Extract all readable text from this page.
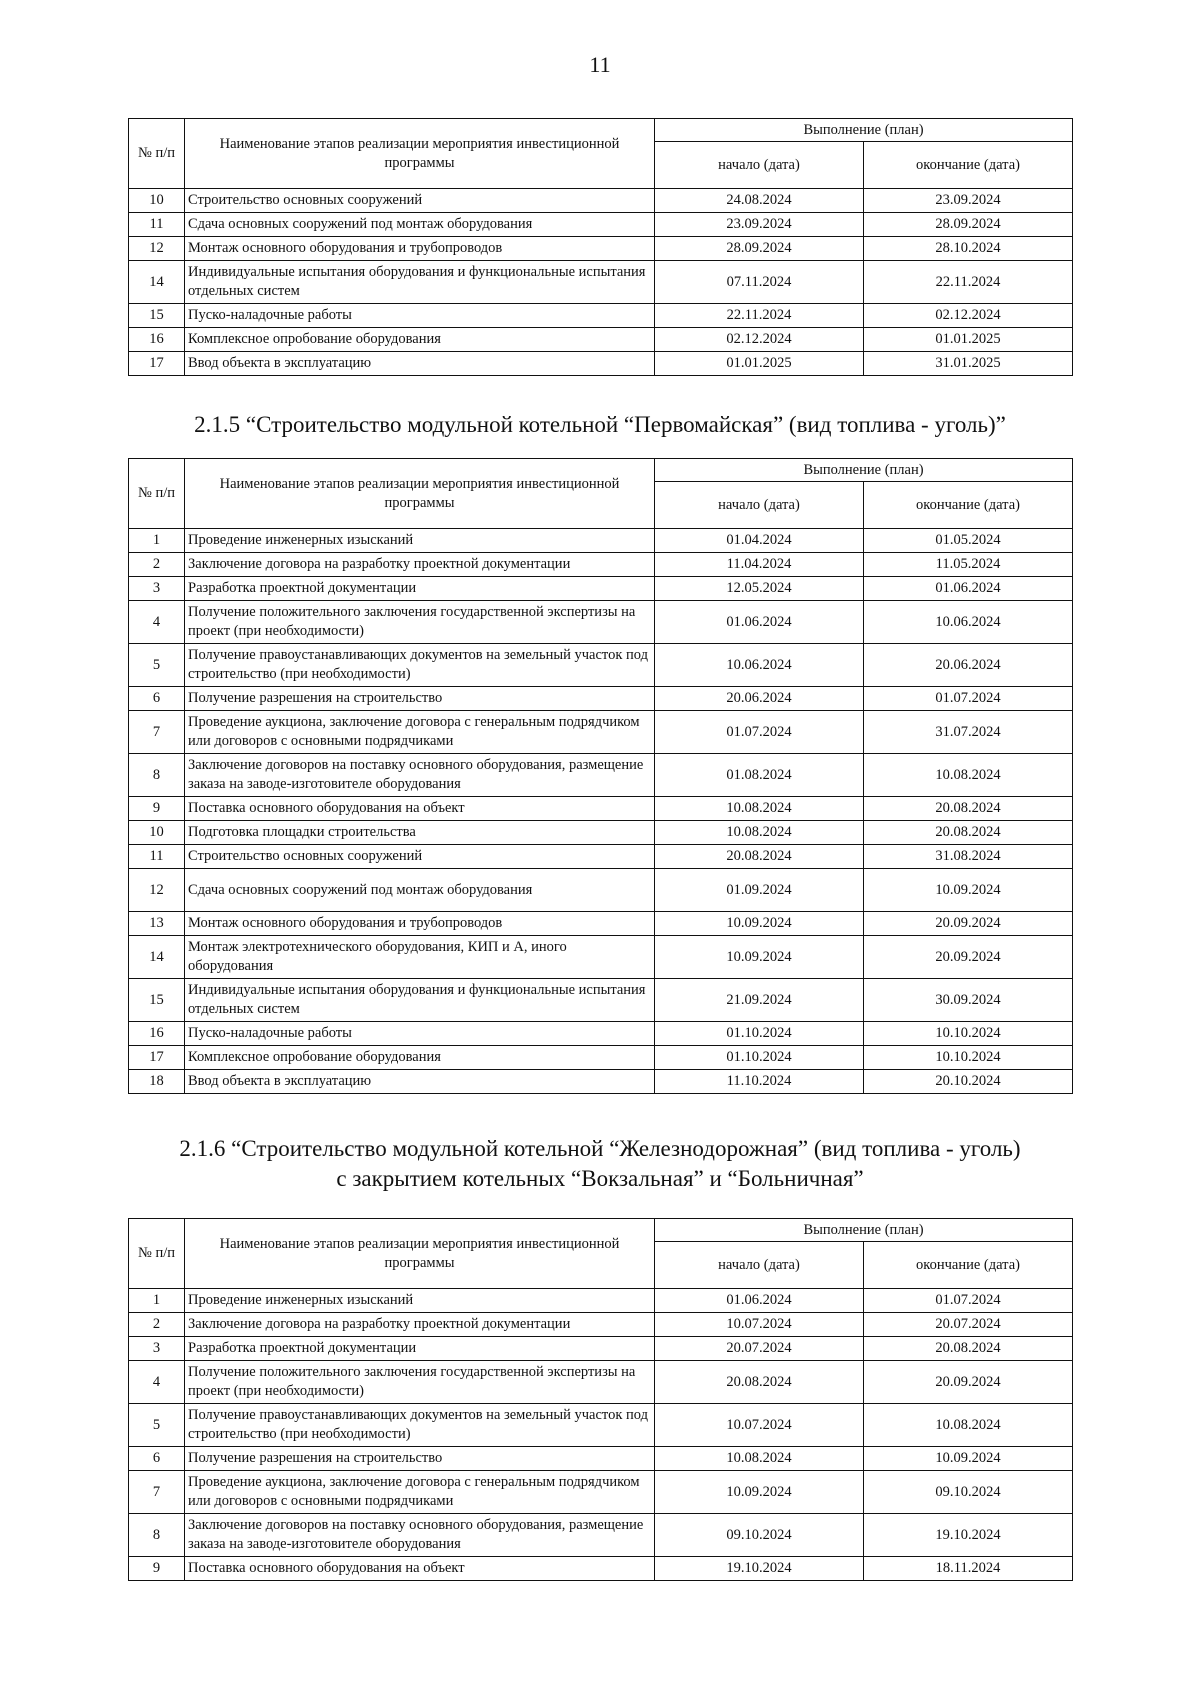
11
№ п/п	Наименование этапов реализации мероприятия инвестиционной программы	Выполнение (план)	
		начало (дата)	окончание (дата)
10	Строительство основных сооружений	24.08.2024	23.09.2024
11	Сдача основных сооружений под монтаж оборудования	23.09.2024	28.09.2024
12	Монтаж основного оборудования и трубопроводов	28.09.2024	28.10.2024
14	Индивидуальные испытания оборудования и функциональные испытания отдельных систем	07.11.2024	22.11.2024
15	Пуско-наладочные работы	22.11.2024	02.12.2024
16	Комплексное опробование оборудования	02.12.2024	01.01.2025
17	Ввод объекта в эксплуатацию	01.01.2025	31.01.2025
2.1.5 “Строительство модульной котельной “Первомайская” (вид топлива - уголь)”
№ п/п	Наименование этапов реализации мероприятия инвестиционной программы	Выполнение (план)	
		начало (дата)	окончание (дата)
1	Проведение инженерных изысканий	01.04.2024	01.05.2024
2	Заключение договора на разработку проектной документации	11.04.2024	11.05.2024
3	Разработка проектной документации	12.05.2024	01.06.2024
4	Получение положительного заключения государственной экспертизы на проект (при необходимости)	01.06.2024	10.06.2024
5	Получение правоустанавливающих документов на земельный участок под строительство (при необходимости)	10.06.2024	20.06.2024
6	Получение разрешения на строительство	20.06.2024	01.07.2024
7	Проведение аукциона, заключение договора с генеральным подрядчиком или договоров с основными подрядчиками	01.07.2024	31.07.2024
8	Заключение договоров на поставку основного оборудования, размещение заказа на заводе-изготовителе оборудования	01.08.2024	10.08.2024
9	Поставка основного оборудования на объект	10.08.2024	20.08.2024
10	Подготовка площадки строительства	10.08.2024	20.08.2024
11	Строительство основных сооружений	20.08.2024	31.08.2024
12	Сдача основных сооружений под монтаж оборудования	01.09.2024	10.09.2024
13	Монтаж основного оборудования и трубопроводов	10.09.2024	20.09.2024
14	Монтаж электротехнического оборудования, КИП и А, иного оборудования	10.09.2024	20.09.2024
15	Индивидуальные испытания оборудования и функциональные испытания отдельных систем	21.09.2024	30.09.2024
16	Пуско-наладочные работы	01.10.2024	10.10.2024
17	Комплексное опробование оборудования	01.10.2024	10.10.2024
18	Ввод объекта в эксплуатацию	11.10.2024	20.10.2024
2.1.6 “Строительство модульной котельной “Железнодорожная” (вид топлива - уголь)
с закрытием котельных “Вокзальная” и “Больничная”
№ п/п	Наименование этапов реализации мероприятия инвестиционной программы	Выполнение (план)	
		начало (дата)	окончание (дата)
1	Проведение инженерных изысканий	01.06.2024	01.07.2024
2	Заключение договора на разработку проектной документации	10.07.2024	20.07.2024
3	Разработка проектной документации	20.07.2024	20.08.2024
4	Получение положительного заключения государственной экспертизы на проект (при необходимости)	20.08.2024	20.09.2024
5	Получение правоустанавливающих документов на земельный участок под строительство (при необходимости)	10.07.2024	10.08.2024
6	Получение разрешения на строительство	10.08.2024	10.09.2024
7	Проведение аукциона, заключение договора с генеральным подрядчиком или договоров с основными подрядчиками	10.09.2024	09.10.2024
8	Заключение договоров на поставку основного оборудования, размещение заказа на заводе-изготовителе оборудования	09.10.2024	19.10.2024
9	Поставка основного оборудования на объект	19.10.2024	18.11.2024
